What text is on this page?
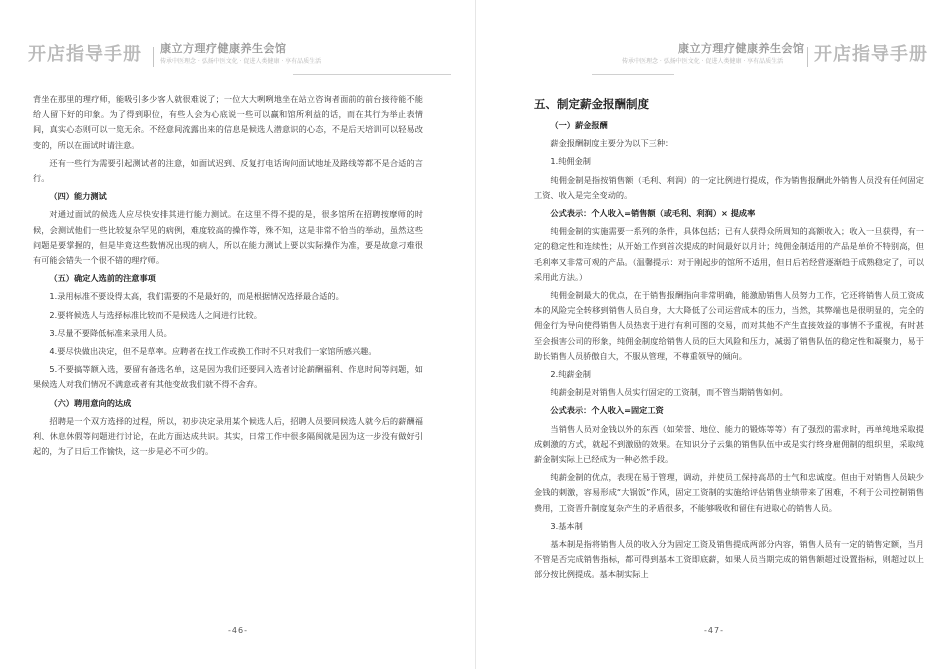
开店指导手册 康立方理疗健康养生会馆
传承中医理念 · 弘扬中医文化 · 促进人类健康 · 享有品质生活

背坐在那里的理疗师，能吸引多少客人就很难说了；一位大大咧咧地坐在站立咨询者面前的前台接待能不能给人留下好的印象。为了得到职位，有些人会为心底说一些可以赢和馆所利益的话，而在其行为举止表情间，真实心态则可以一览无余。不经意间流露出来的信息是候选人潜意识的心态，不是后天培训可以轻易改变的，所以在面试时请注意。

还有一些行为需要引起测试者的注意，如面试迟到、反复打电话询问面试地址及路线等都不是合适的言行。

（四）能力测试

对通过面试的候选人应尽快安排其进行能力测试。在这里不得不提的是，很多馆所在招聘按摩师的时候，会测试他们一些比较复杂罕见的病例，难度较高的操作等，殊不知，这是非常不恰当的举动，虽然这些问题是要掌握的，但是毕竟这些数情况出现的病人，所以在能力测试上要以实际操作为准，要是故意刁难很有可能会错失一个很不错的理疗师。

（五）确定人选前的注意事项

1.录用标准不要设得太高，我们需要的不是最好的，而是根据情况选择最合适的。

2.要将候选人与选择标准比较而不是候选人之间进行比较。

3.尽量不要降低标准来录用人员。

4.要尽快做出决定，但不是草率。应聘者在找工作或换工作时不只对我们一家馆所感兴趣。

5.不要搞等额入选，要留有备选名单，这是因为我们还要同入选者讨论薪酬福利、作息时间等问题，如果候选人对我们情况不满意或者有其他变故我们就不得不舍弃。

（六）聘用意向的达成

招聘是一个双方选择的过程，所以，初步决定录用某个候选人后，招聘人员要同候选人就今后的薪酬福利、休息休假等问题进行讨论，在此方面达成共识。其实，日常工作中很多隔阂就是因为这一步没有做好引起的，为了日后工作愉快，这一步是必不可少的。

-46-
康立方理疗健康养生会馆
传承中医理念 · 弘扬中医文化 · 促进人类健康 · 享有品质生活 开店指导手册
五、制定薪金报酬制度

（一）薪金报酬

薪金报酬制度主要分为以下三种：

1.纯佣金制

纯佣金制是指按销售额（毛利、利润）的一定比例进行提成，作为销售报酬此外销售人员没有任何固定工资、收入是完全变动的。

公式表示：个人收入=销售额（或毛利、利润）× 提成率

纯佣金制的实施需要一系列的条件，具体包括；已有人获得众所周知的高额收入；收入一旦获得，有一定的稳定性和连续性；从开始工作到首次提成的时间最好以月计；纯佣金制适用的产品是单价不特别高，但毛利率又非常可观的产品。（温馨提示：对于刚起步的馆所不适用，但日后若经营逐渐趋于成熟稳定了，可以采用此方法。）

纯佣金制最大的优点，在于销售报酬指向非常明确，能激励销售人员努力工作，它还将销售人员工资成本的风险完全转移到销售人员自身，大大降低了公司运营成本的压力，当然，其弊端也是很明显的，完全的佣金行为导向使得销售人员热衷于进行有利可图的交易，而对其他不产生直接效益的事情不予重视，有时甚至会损害公司的形象，纯佣金制度给销售人员的巨大风险和压力，减弱了销售队伍的稳定性和凝聚力，易于助长销售人员骄傲自大，不服从管理，不尊重领导的倾向。

2.纯薪金制

纯薪金制是对销售人员实行固定的工资制，而不管当期销售如何。

公式表示：个人收入=固定工资

当销售人员对金钱以外的东西（如荣誉、地位、能力的锻炼等等）有了强烈的需求时，再单纯地采取提成刺激的方式，就起不到激励的效果。在知识分子云集的销售队伍中或是实行终身雇佣制的组织里，采取纯薪金制实际上已经成为一种必然手段。

纯薪金制的优点，表现在易于管理，调动，并使员工保持高昂的士气和忠诚度。但由于对销售人员缺少金钱的刺激，容易形成“大锅饭”作风，固定工资制的实施给评估销售业绩带来了困难，不利于公司控制销售费用，工资晋升制度复杂产生的矛盾很多，不能够吸收和留住有进取心的销售人员。

3.基本制

基本制是指将销售人员的收入分为固定工资及销售提成两部分内容，销售人员有一定的销售定额，当月不管是否完成销售指标，都可得到基本工资即底薪，如果人员当期完成的销售额超过设置指标，则超过以上部分按比例提成。基本制实际上

-47-
